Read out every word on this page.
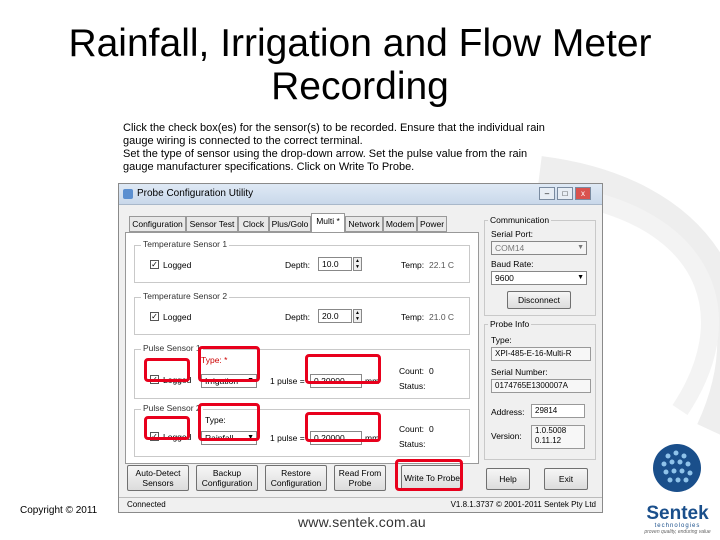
Rainfall, Irrigation and Flow Meter
Recording
Click the check box(es) for the sensor(s) to be recorded. Ensure that the individual rain
gauge wiring is connected to the correct terminal.
Set the type of sensor using the drop-down arrow. Set the pulse value from the rain
gauge manufacturer specifications. Click on Write To Probe.
Probe Configuration Utility	–	□	x
Configuration Sensor Test	Clock Plus/Golo Multi *	Network Modem Power
Temperature Sensor 1
✓ Logged	Depth:	10.0	▲
▼	Temp: 22.1 C
Temperature Sensor 2
✓ Logged	Depth:	20.0	▲
▼	Temp: 21.0 C
Pulse Sensor 1
Type: *
✓ Logged	Irrigation ▼ 1 pulse =	0.20000	mm
Count: 0
Status:
Pulse Sensor 2
Type:
✓ Logged	Rainfall ▼ 1 pulse =	0.20000	mm
Count: 0
Status:
Communication
Serial Port:
COM14	▼
Baud Rate:
9600	▼
Disconnect
Probe Info
Type:
XPI-485-E-16-Multi-R
Serial Number:
0174765E1300007A
Address:	29814
Version:
1.0.5008
0.11.12
Auto-Detect Sensors
Backup Configuration
Restore Configuration
Read From Probe	Write To Probe	Help	Exit
Connected	V1.8.1.3737 © 2001-2011 Sentek Pty Ltd
Copyright © 2011
www.sentek.com.au	Sentek
technologies
proven quality, enduring value
